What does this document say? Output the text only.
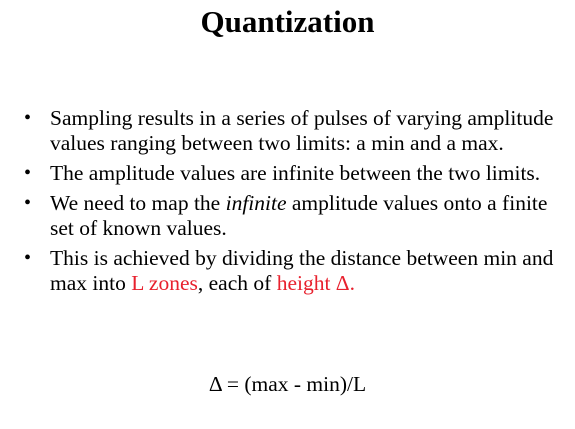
Quantization
• Sampling results in a series of pulses of varying amplitude values ranging between two limits: a min and a max.
• The amplitude values are infinite between the two limits.
• We need to map the infinite amplitude values onto a finite set of known values.
• This is achieved by dividing the distance between min and max into L zones, each of height Δ.
Δ = (max - min)/L
